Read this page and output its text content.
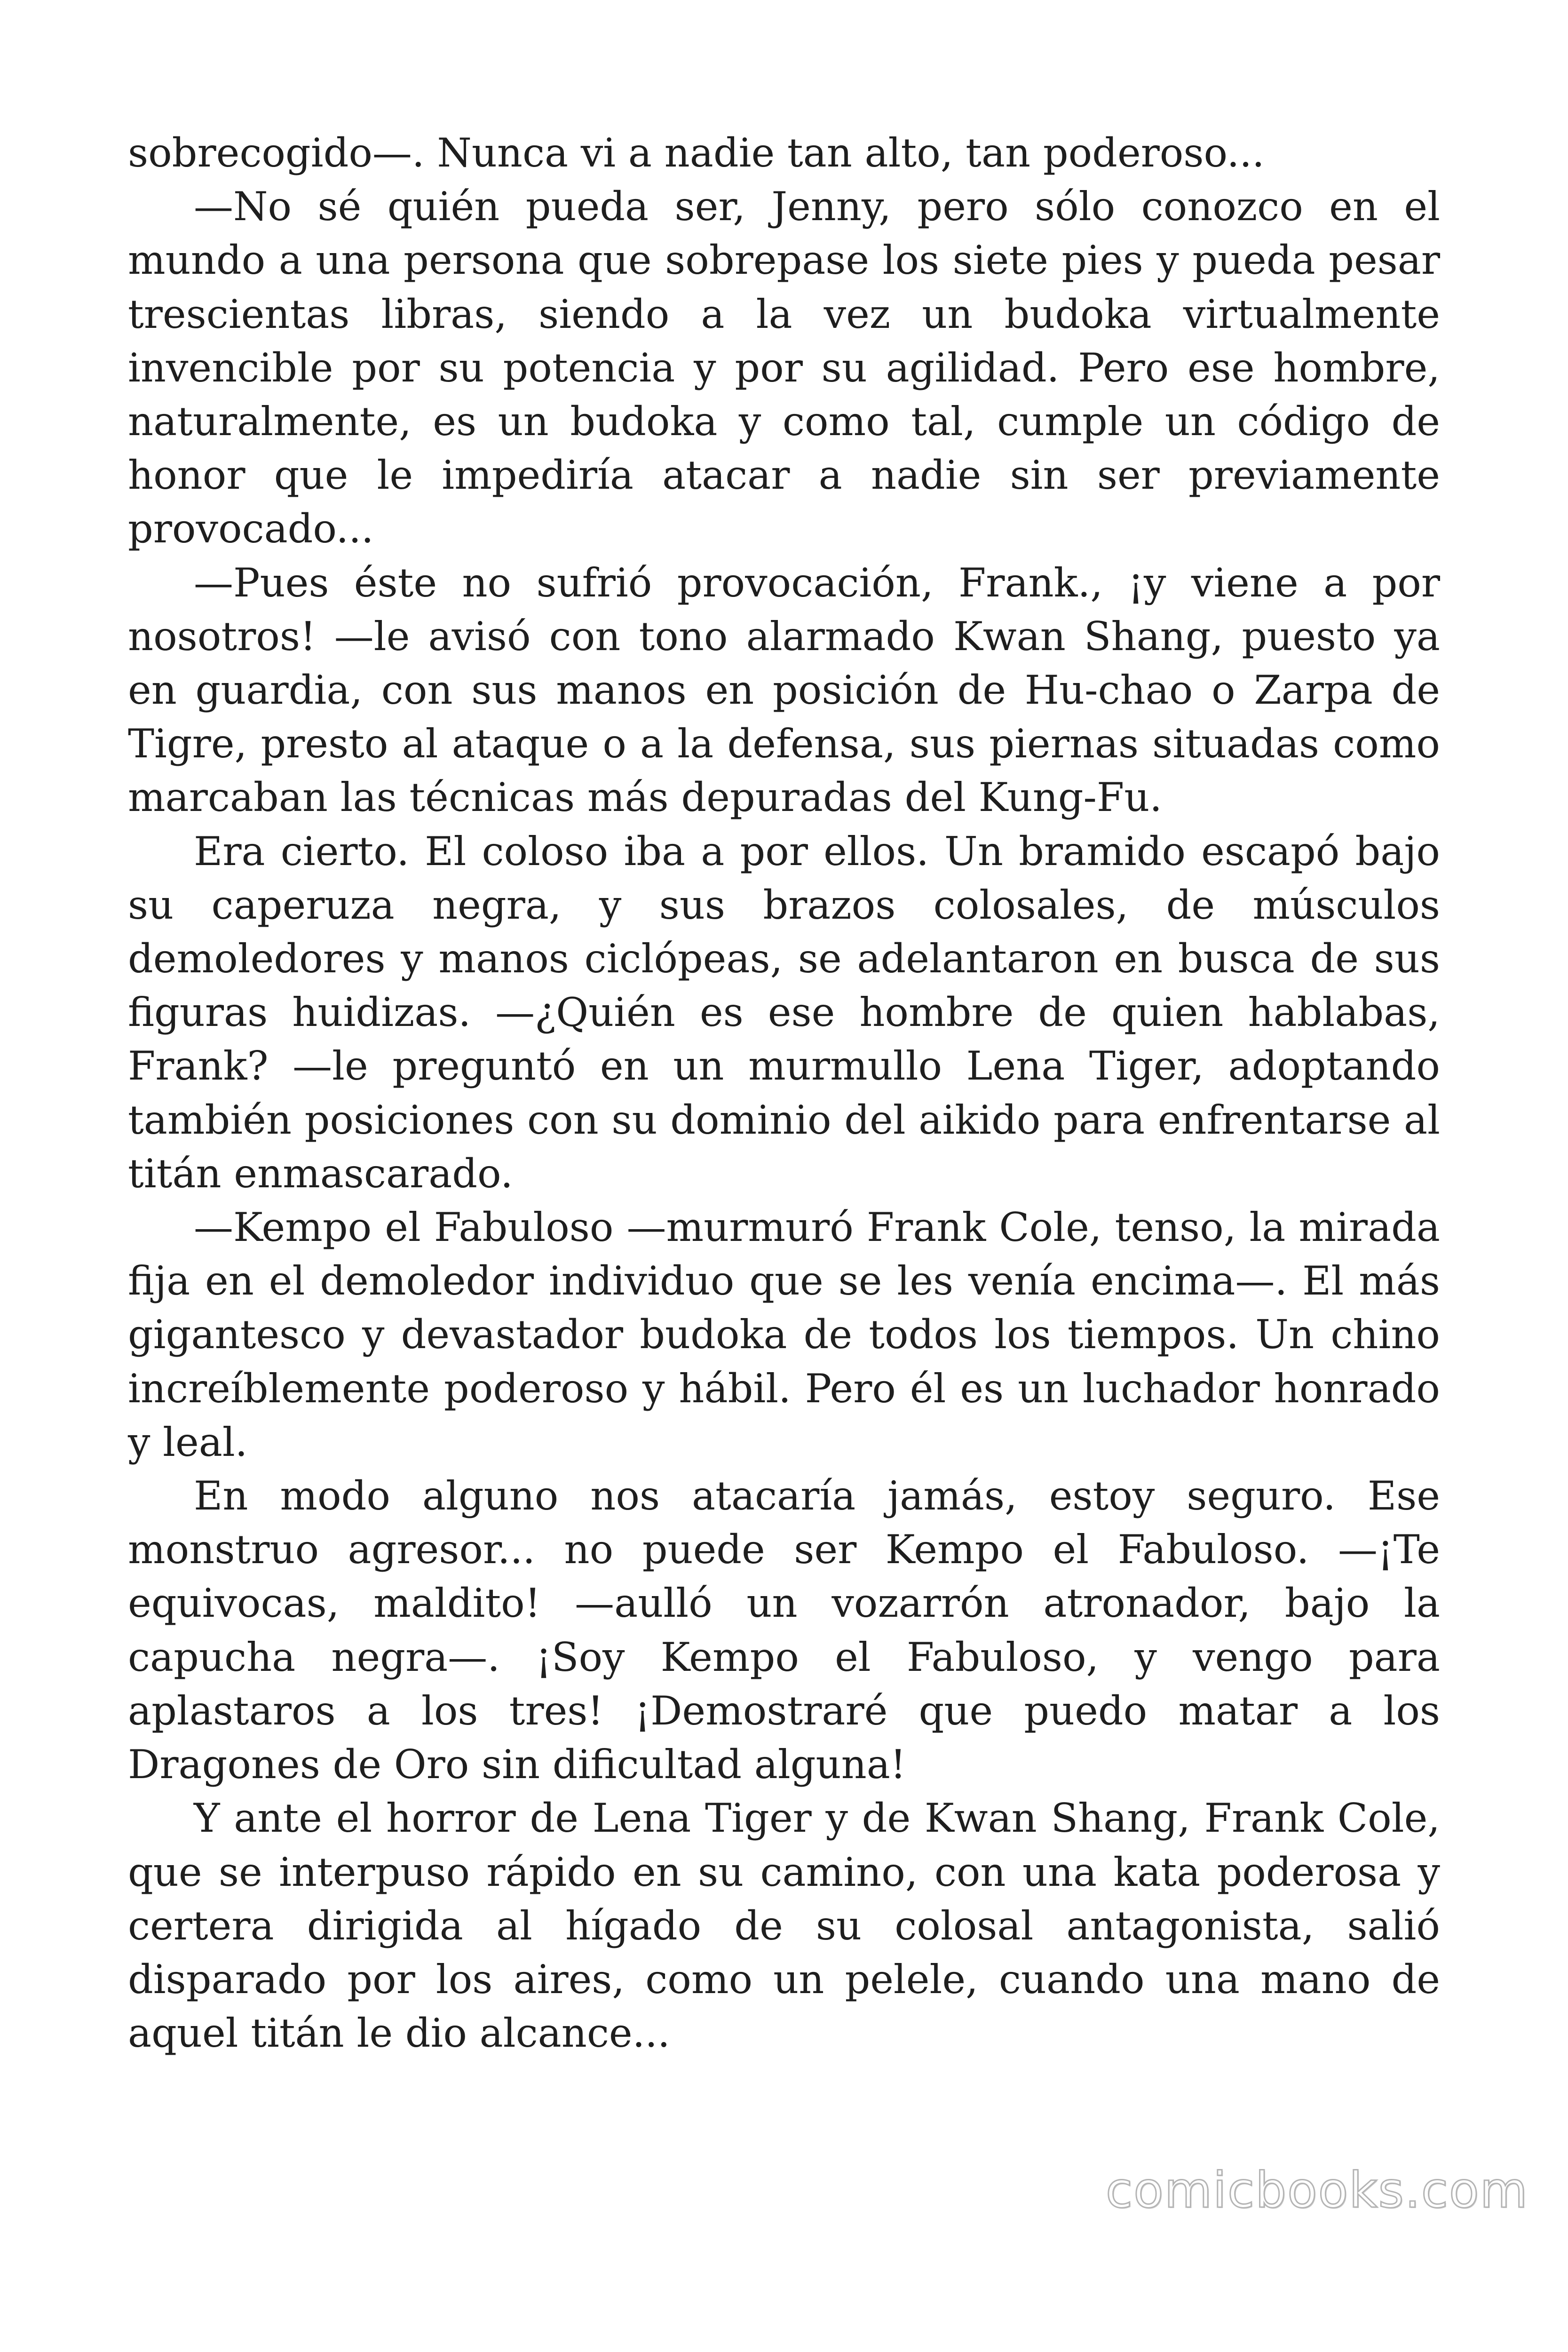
sobrecogido—. Nunca vi a nadie tan alto, tan poderoso...

—No sé quién pueda ser, Jenny, pero sólo conozco en el mundo a una persona que sobrepase los siete pies y pueda pesar trescientas libras, siendo a la vez un budoka virtualmente invencible por su potencia y por su agilidad. Pero ese hombre, naturalmente, es un budoka y como tal, cumple un código de honor que le impediría atacar a nadie sin ser previamente provocado...

—Pues éste no sufrió provocación, Frank., ¡y viene a por nosotros! —le avisó con tono alarmado Kwan Shang, puesto ya en guardia, con sus manos en posición de Hu-chao o Zarpa de Tigre, presto al ataque o a la defensa, sus piernas situadas como marcaban las técnicas más depuradas del Kung-Fu.

Era cierto. El coloso iba a por ellos. Un bramido escapó bajo su caperuza negra, y sus brazos colosales, de músculos demoledores y manos ciclópeas, se adelantaron en busca de sus figuras huidizas. —¿Quién es ese hombre de quien hablabas, Frank? —le preguntó en un murmullo Lena Tiger, adoptando también posiciones con su dominio del aikido para enfrentarse al titán enmascarado.

—Kempo el Fabuloso —murmuró Frank Cole, tenso, la mirada fija en el demoledor individuo que se les venía encima—. El más gigantesco y devastador budoka de todos los tiempos. Un chino increíblemente poderoso y hábil. Pero él es un luchador honrado y leal.

En modo alguno nos atacaría jamás, estoy seguro. Ese monstruo agresor... no puede ser Kempo el Fabuloso. —¡Te equivocas, maldito! —aulló un vozarrón atronador, bajo la capucha negra—. ¡Soy Kempo el Fabuloso, y vengo para aplastaros a los tres! ¡Demostraré que puedo matar a los Dragones de Oro sin dificultad alguna!

Y ante el horror de Lena Tiger y de Kwan Shang, Frank Cole, que se interpuso rápido en su camino, con una kata poderosa y certera dirigida al hígado de su colosal antagonista, salió disparado por los aires, como un pelele, cuando una mano de aquel titán le dio alcance...

comicbooks.com
